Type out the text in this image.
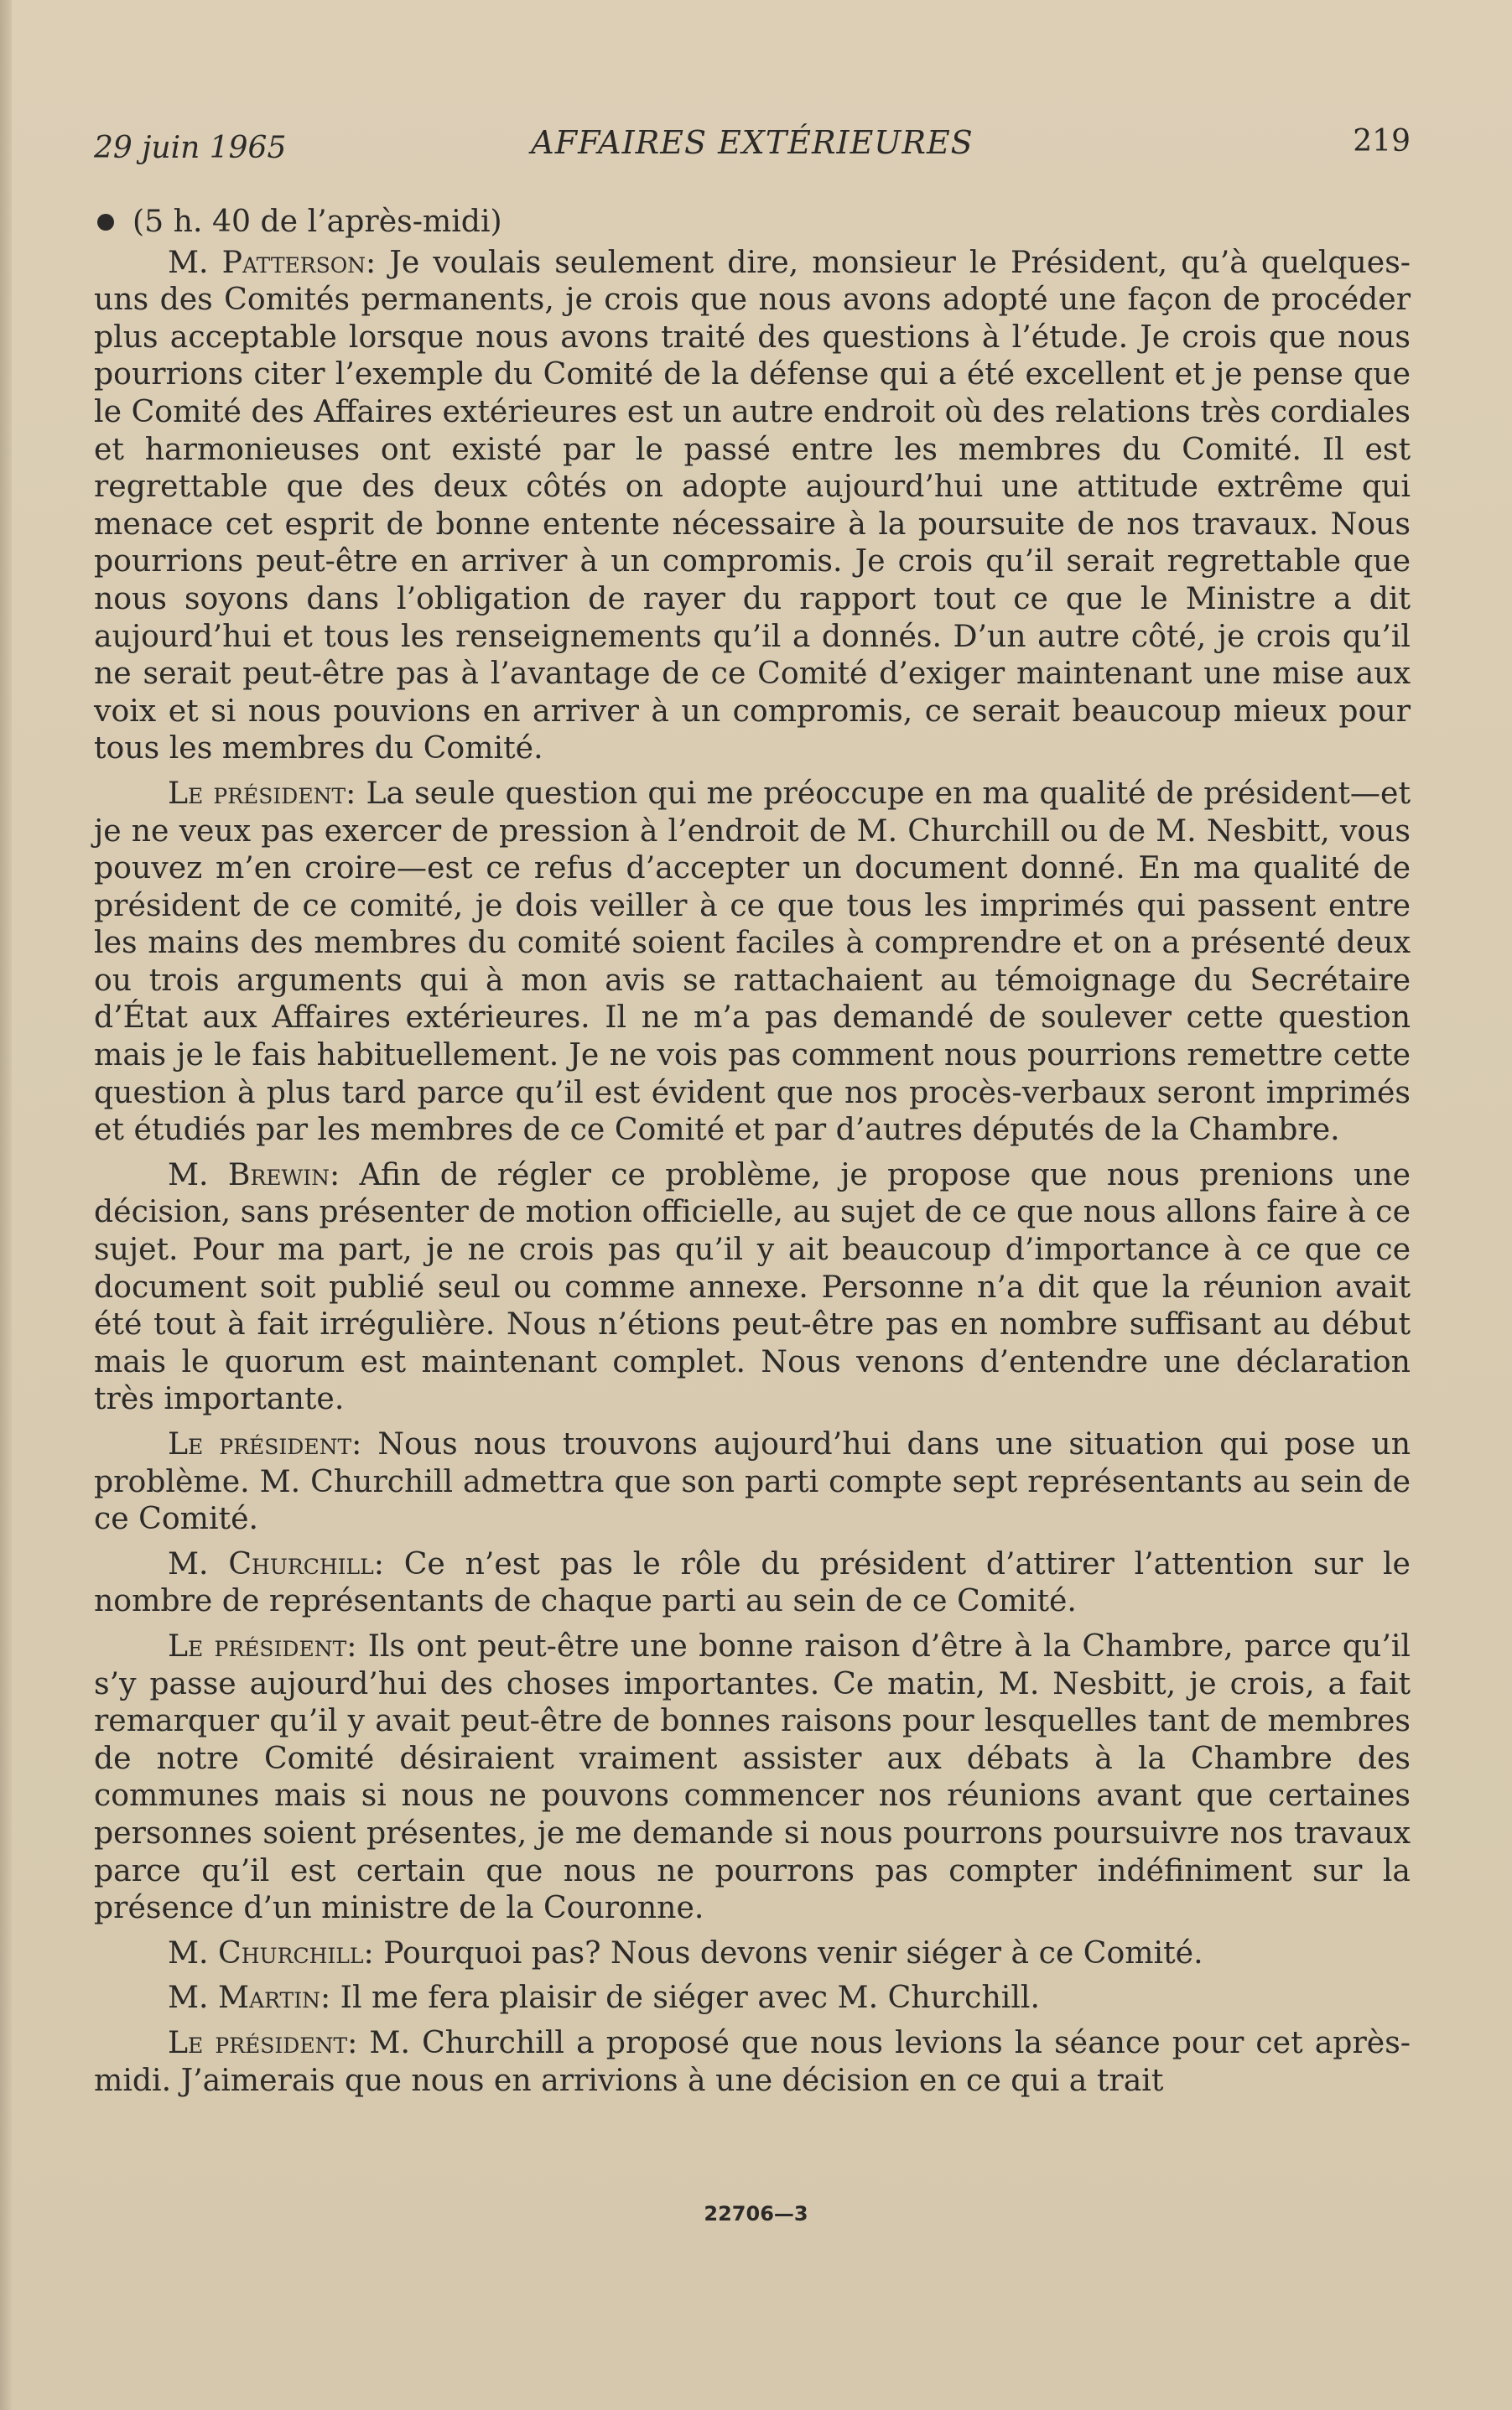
29 juin 1965	AFFAIRES EXTÉRIEURES	219

(5 h. 40 de l’après-midi)

M. Patterson: Je voulais seulement dire, monsieur le Président, qu’à quelques-uns des Comités permanents, je crois que nous avons adopté une façon de procéder plus acceptable lorsque nous avons traité des questions à l’étude. Je crois que nous pourrions citer l’exemple du Comité de la défense qui a été excellent et je pense que le Comité des Affaires extérieures est un autre endroit où des relations très cordiales et harmonieuses ont existé par le passé entre les membres du Comité. Il est regrettable que des deux côtés on adopte aujourd’hui une attitude extrême qui menace cet esprit de bonne entente nécessaire à la poursuite de nos travaux. Nous pourrions peut-être en arriver à un compromis. Je crois qu’il serait regrettable que nous soyons dans l’obligation de rayer du rapport tout ce que le Ministre a dit aujourd’hui et tous les renseignements qu’il a donnés. D’un autre côté, je crois qu’il ne serait peut-être pas à l’avantage de ce Comité d’exiger maintenant une mise aux voix et si nous pouvions en arriver à un compromis, ce serait beaucoup mieux pour tous les membres du Comité.

Le président: La seule question qui me préoccupe en ma qualité de président—et je ne veux pas exercer de pression à l’endroit de M. Churchill ou de M. Nesbitt, vous pouvez m’en croire—est ce refus d’accepter un document donné. En ma qualité de président de ce comité, je dois veiller à ce que tous les imprimés qui passent entre les mains des membres du comité soient faciles à comprendre et on a présenté deux ou trois arguments qui à mon avis se rattachaient au témoignage du Secrétaire d’État aux Affaires extérieures. Il ne m’a pas demandé de soulever cette question mais je le fais habituellement. Je ne vois pas comment nous pourrions remettre cette question à plus tard parce qu’il est évident que nos procès-verbaux seront imprimés et étudiés par les membres de ce Comité et par d’autres députés de la Chambre.

M. Brewin: Afin de régler ce problème, je propose que nous prenions une décision, sans présenter de motion officielle, au sujet de ce que nous allons faire à ce sujet. Pour ma part, je ne crois pas qu’il y ait beaucoup d’importance à ce que ce document soit publié seul ou comme annexe. Personne n’a dit que la réunion avait été tout à fait irrégulière. Nous n’étions peut-être pas en nombre suffisant au début mais le quorum est maintenant complet. Nous venons d’entendre une déclaration très importante.

Le président: Nous nous trouvons aujourd’hui dans une situation qui pose un problème. M. Churchill admettra que son parti compte sept représentants au sein de ce Comité.

M. Churchill: Ce n’est pas le rôle du président d’attirer l’attention sur le nombre de représentants de chaque parti au sein de ce Comité.

Le président: Ils ont peut-être une bonne raison d’être à la Chambre, parce qu’il s’y passe aujourd’hui des choses importantes. Ce matin, M. Nesbitt, je crois, a fait remarquer qu’il y avait peut-être de bonnes raisons pour lesquelles tant de membres de notre Comité désiraient vraiment assister aux débats à la Chambre des communes mais si nous ne pouvons commencer nos réunions avant que certaines personnes soient présentes, je me demande si nous pourrons poursuivre nos travaux parce qu’il est certain que nous ne pourrons pas compter indéfiniment sur la présence d’un ministre de la Couronne.

M. Churchill: Pourquoi pas? Nous devons venir siéger à ce Comité.

M. Martin: Il me fera plaisir de siéger avec M. Churchill.

Le président: M. Churchill a proposé que nous levions la séance pour cet après-midi. J’aimerais que nous en arrivions à une décision en ce qui a trait

22706—3
